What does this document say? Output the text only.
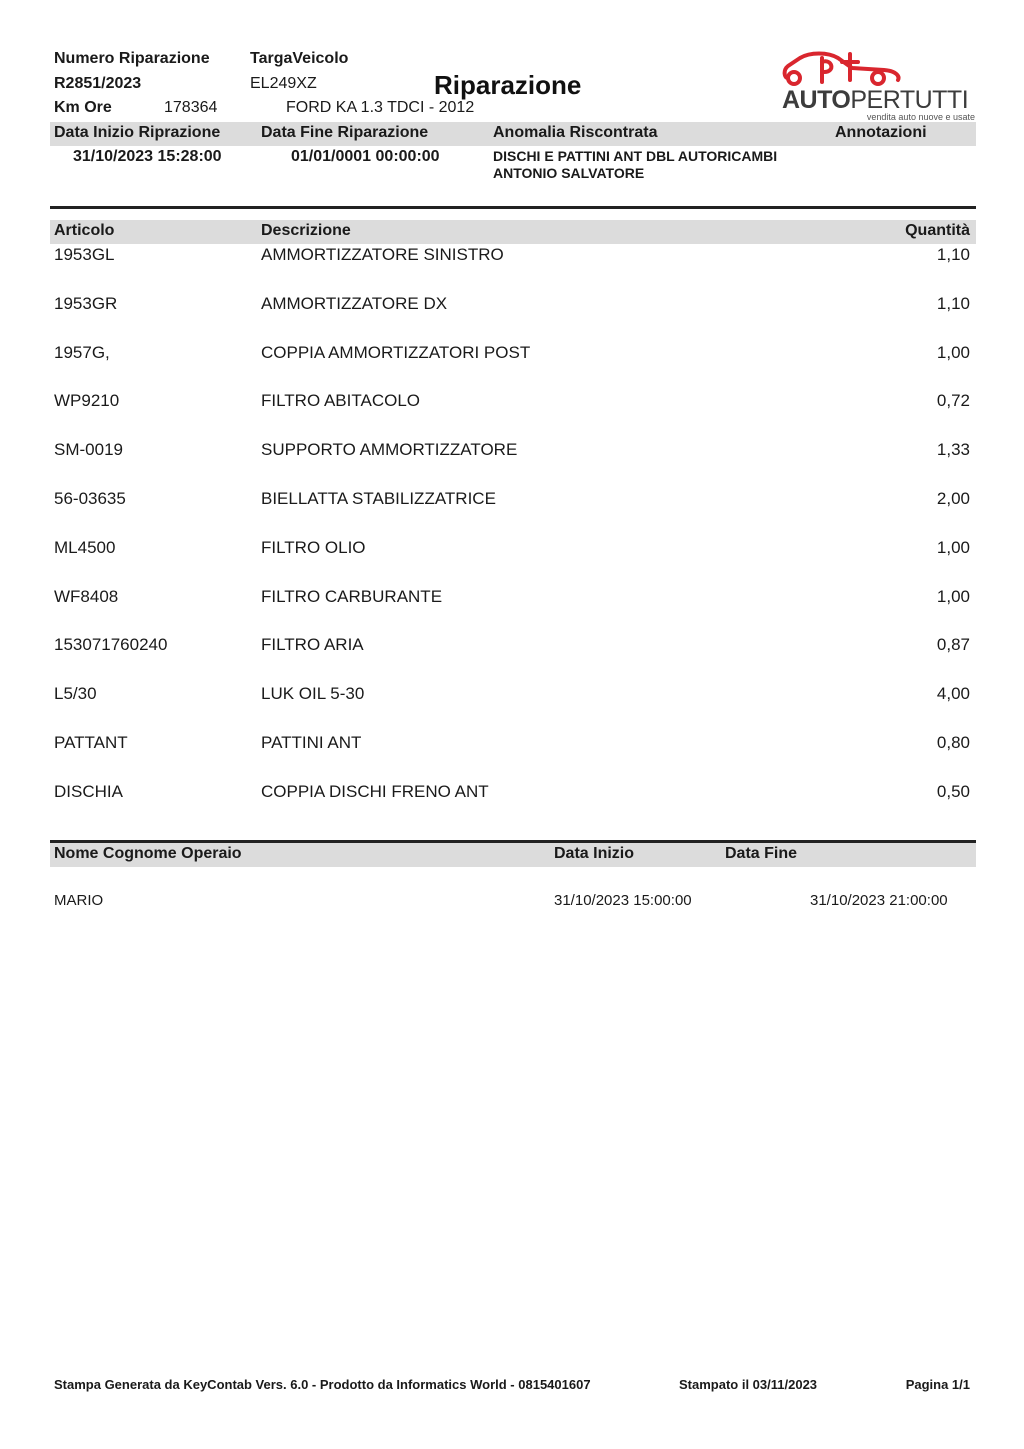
Numero Riparazione
R2851/2023
Km Ore	178364
TargaVeicolo
EL249XZ
FORD KA 1.3 TDCI - 2012
Riparazione	AUTOPERTUTTI
vendita auto nuove e usate
Data Inizio Riprazione	Data Fine Riparazione	Anomalia Riscontrata	Annotazioni
31/10/2023 15:28:00	01/01/0001 00:00:00	DISCHI E PATTINI ANT DBL AUTORICAMBI
ANTONIO SALVATORE
Articolo	Descrizione	Quantità
1953GL	AMMORTIZZATORE SINISTRO	1,10
1953GR	AMMORTIZZATORE DX	1,10
1957G,	COPPIA AMMORTIZZATORI POST	1,00
WP9210	FILTRO ABITACOLO	0,72
SM-0019	SUPPORTO AMMORTIZZATORE	1,33
56-03635	BIELLATTA STABILIZZATRICE	2,00
ML4500	FILTRO OLIO	1,00
WF8408	FILTRO CARBURANTE	1,00
153071760240	FILTRO ARIA	0,87
L5/30	LUK OIL 5-30	4,00
PATTANT	PATTINI ANT	0,80
DISCHIA	COPPIA DISCHI FRENO ANT	0,50
Nome Cognome Operaio	Data Inizio	Data Fine
MARIO	31/10/2023 15:00:00	31/10/2023 21:00:00
Stampa Generata da KeyContab Vers. 6.0 - Prodotto da Informatics World - 0815401607	Stampato il 03/11/2023	Pagina 1/1
